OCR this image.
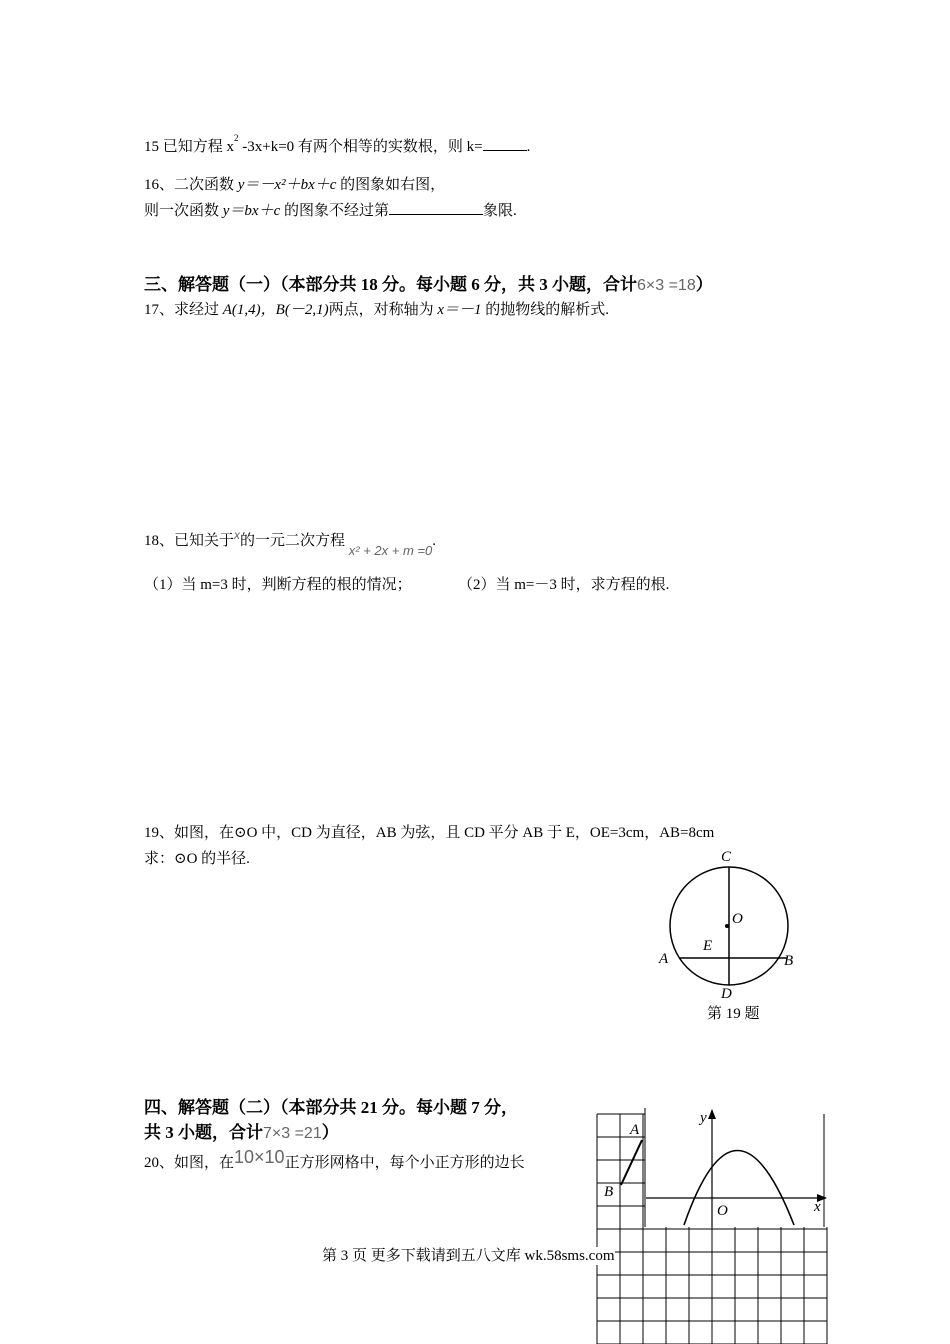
15 已知方程 $x^2$ -3x+k=0 有两个相等的实数根，则 k=	.
16、二次函数 y＝－x²＋bx＋c 的图象如右图，
则一次函数 y＝bx＋c 的图象不经过第	象限.
三、解答题（一）（本部分共 18 分。每小题 6 分，共 3 小题，合计6×3 =18）
17、求经过 A(1,4)，B(－2,1)两点，对称轴为 x＝－1 的抛物线的解析式.
18、已知关于$^x$的一元二次方程 x² + 2x + m =0.
（1）当 m=3 时，判断方程的根的情况；	（2）当 m=－3 时，求方程的根.
19、如图，在⊙O 中，CD 为直径，AB 为弦，且 CD 平分 AB 于 E，OE=3cm，AB=8cm
求：⊙O 的半径.	C
O
E
A	B
D
第 19 题
四、解答题（二）（本部分共 21 分。每小题 7 分，
共 3 小题，合计7×3 =21）
20、如图，在10×10正方形网格中，每个小正方形的边长
y
x
O
A
B
第 3 页 更多下载请到五八文库 wk.58sms.com
